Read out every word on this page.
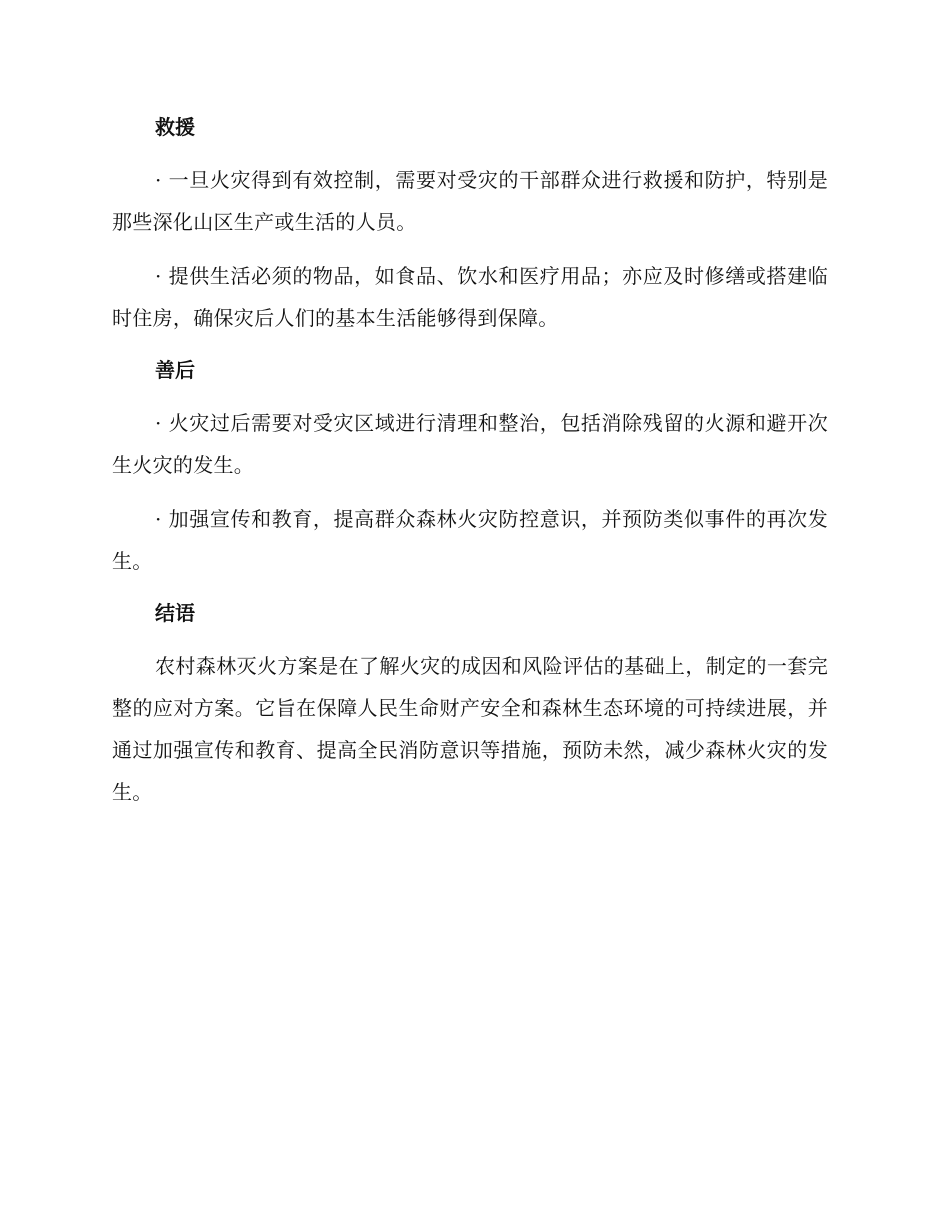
救援

· 一旦火灾得到有效控制，需要对受灾的干部群众进行救援和防护，特别是那些深化山区生产或生活的人员。

· 提供生活必须的物品，如食品、饮水和医疗用品；亦应及时修缮或搭建临时住房，确保灾后人们的基本生活能够得到保障。

善后

· 火灾过后需要对受灾区域进行清理和整治，包括消除残留的火源和避开次生火灾的发生。

· 加强宣传和教育，提高群众森林火灾防控意识，并预防类似事件的再次发生。

结语

农村森林灭火方案是在了解火灾的成因和风险评估的基础上，制定的一套完整的应对方案。它旨在保障人民生命财产安全和森林生态环境的可持续进展，并通过加强宣传和教育、提高全民消防意识等措施，预防未然，减少森林火灾的发生。
